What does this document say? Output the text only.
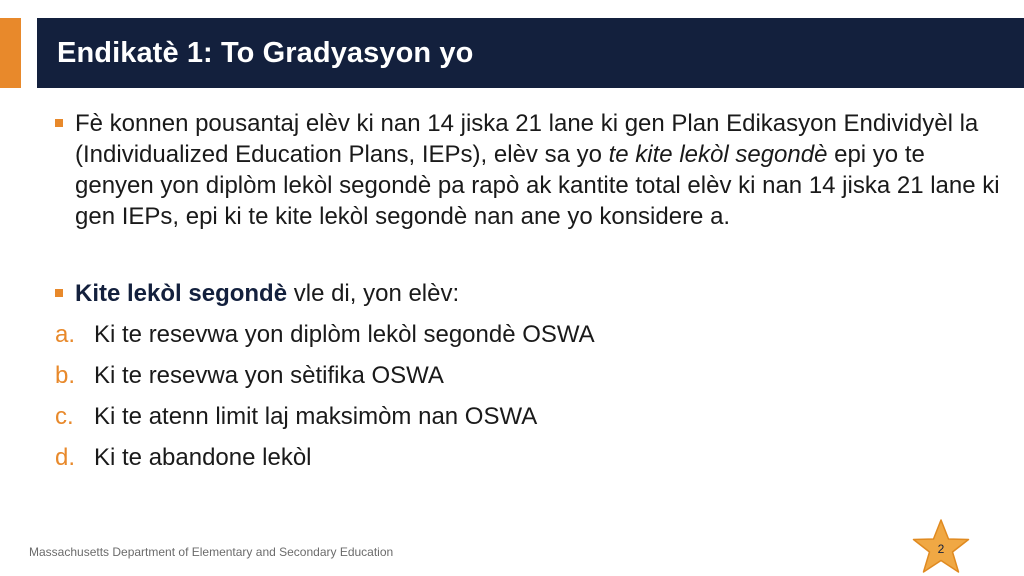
Endikatè 1: To Gradyasyon yo
Fè konnen pousantaj elèv ki nan 14 jiska 21 lane ki gen Plan Edikasyon Endividyèl la (Individualized Education Plans, IEPs), elèv sa yo te kite lekòl segondè epi yo te genyen yon diplòm lekòl segondè pa rapò ak kantite total elèv ki nan 14 jiska 21 lane ki gen IEPs, epi ki te kite lekòl segondè nan ane yo konsidere a.
Kite lekòl segondè vle di, yon elèv:
a. Ki te resevwa yon diplòm lekòl segondè OSWA
b. Ki te resevwa yon sètifika OSWA
c. Ki te atenn limit laj maksimòm nan OSWA
d. Ki te abandone lekòl
Massachusetts Department of Elementary and Secondary Education	2
